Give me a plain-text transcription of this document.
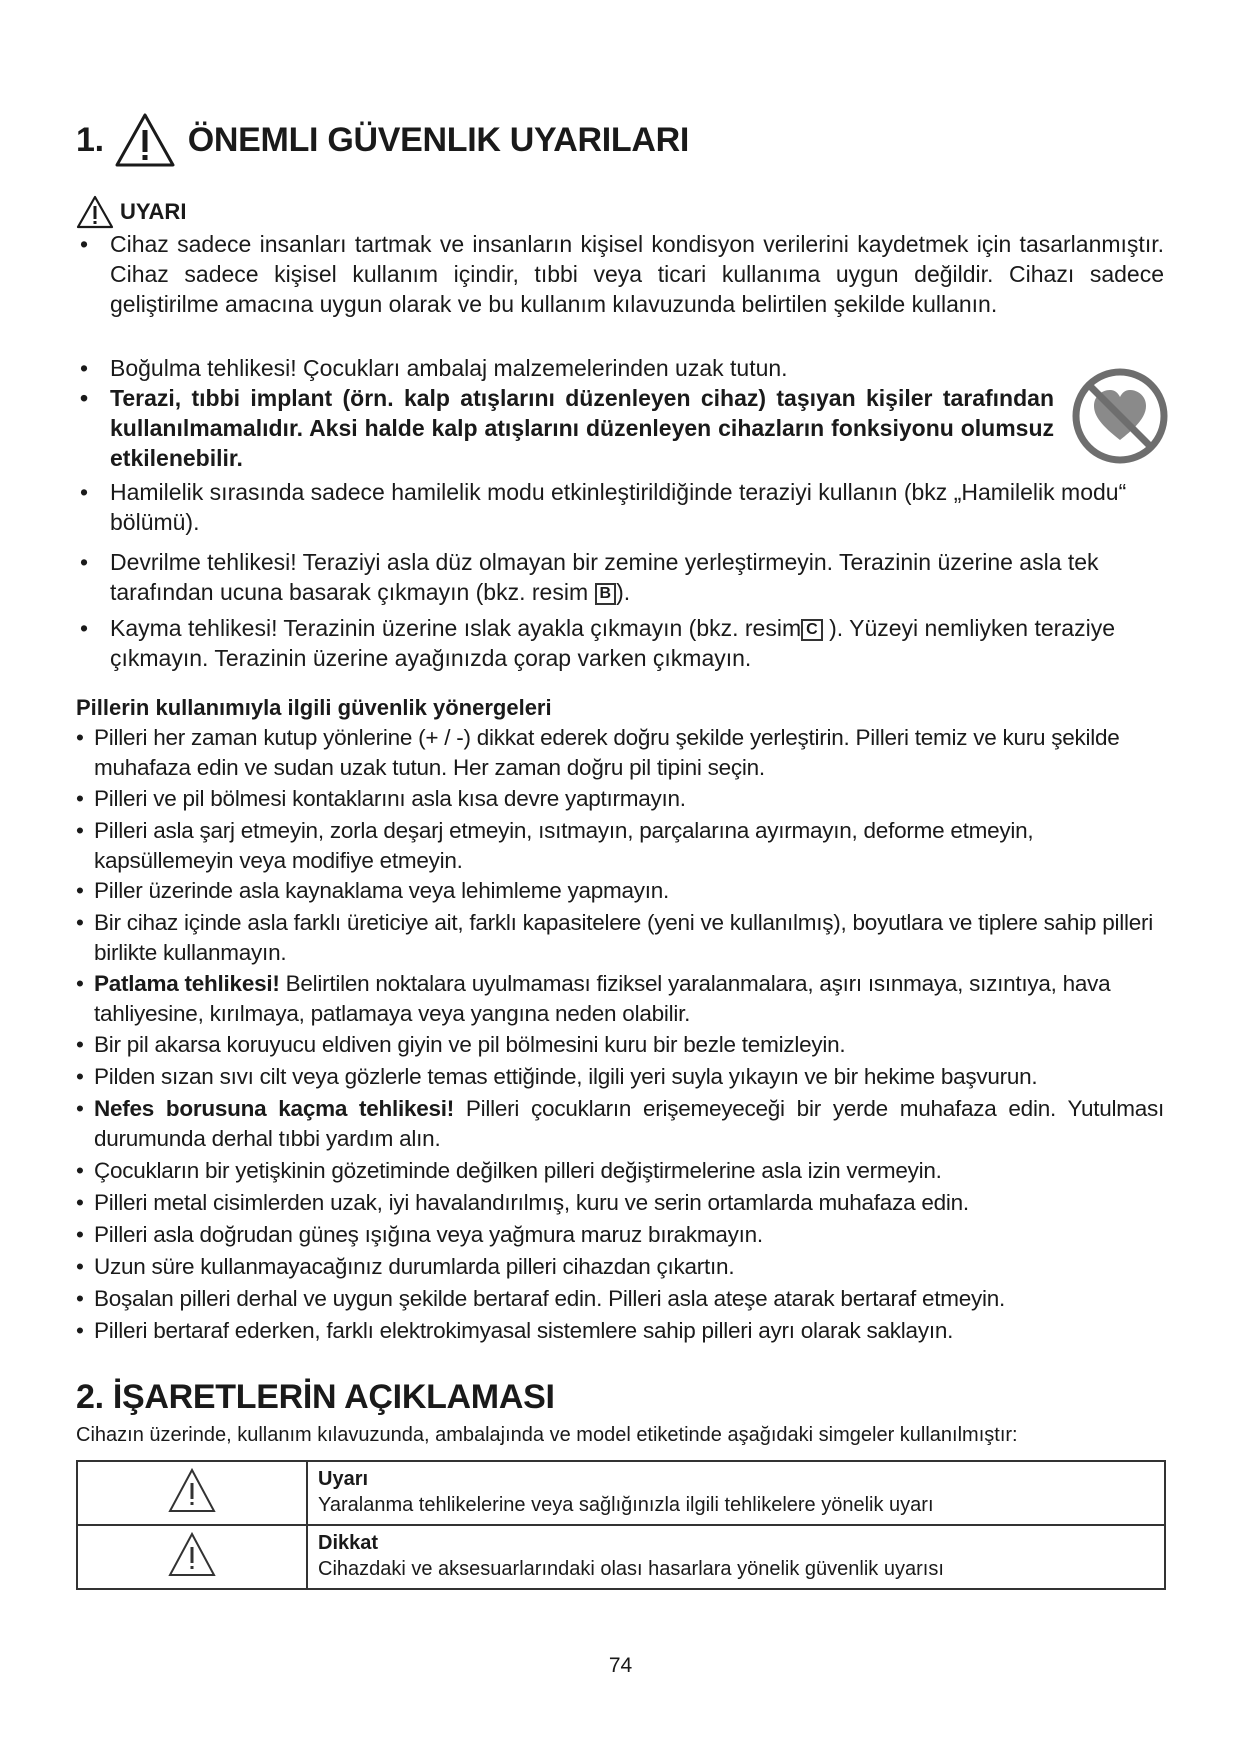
1. ÖNEMLI GÜVENLIK UYARILARI
UYARI
• Cihaz sadece insanları tartmak ve insanların kişisel kondisyon verilerini kaydetmek için tasarlanmıştır. Cihaz sadece kişisel kullanım içindir, tıbbi veya ticari kullanıma uygun değildir. Cihazı sadece geliştirilme amacına uygun olarak ve bu kullanım kılavuzunda belirtilen şekilde kullanın.
• Boğulma tehlikesi! Çocukları ambalaj malzemelerinden uzak tutun.
• Terazi, tıbbi implant (örn. kalp atışlarını düzenleyen cihaz) taşıyan kişiler tarafından kullanılmamalıdır. Aksi halde kalp atışlarını düzenleyen cihazların fonksiyonu olumsuz etkilenebilir.
• Hamilelik sırasında sadece hamilelik modu etkinleştirildiğinde teraziyi kullanın (bkz „Hamilelik modu“ bölümü).
• Devrilme tehlikesi! Teraziyi asla düz olmayan bir zemine yerleştirmeyin. Terazinin üzerine asla tek tarafından ucuna basarak çıkmayın (bkz. resim B ).
• Kayma tehlikesi! Terazinin üzerine ıslak ayakla çıkmayın (bkz. resim C ). Yüzeyi nemliyken teraziye çıkmayın. Terazinin üzerine ayağınızda çorap varken çıkmayın.
Pillerin kullanımıyla ilgili güvenlik yönergeleri
• Pilleri her zaman kutup yönlerine (+ / -) dikkat ederek doğru şekilde yerleştirin. Pilleri temiz ve kuru şekilde muhafaza edin ve sudan uzak tutun. Her zaman doğru pil tipini seçin.
• Pilleri ve pil bölmesi kontaklarını asla kısa devre yaptırmayın.
• Pilleri asla şarj etmeyin, zorla deşarj etmeyin, ısıtmayın, parçalarına ayırmayın, deforme etmeyin, kapsüllemeyin veya modifiye etmeyin.
• Piller üzerinde asla kaynaklama veya lehimleme yapmayın.
• Bir cihaz içinde asla farklı üreticiye ait, farklı kapasitelere (yeni ve kullanılmış), boyutlara ve tiplere sahip pilleri birlikte kullanmayın.
• Patlama tehlikesi! Belirtilen noktalara uyulmaması fiziksel yaralanmalara, aşırı ısınmaya, sızıntıya, hava tahliyesine, kırılmaya, patlamaya veya yangına neden olabilir.
• Bir pil akarsa koruyucu eldiven giyin ve pil bölmesini kuru bir bezle temizleyin.
• Pilden sızan sıvı cilt veya gözlerle temas ettiğinde, ilgili yeri suyla yıkayın ve bir hekime başvurun.
• Nefes borusuna kaçma tehlikesi! Pilleri çocukların erişemeyeceği bir yerde muhafaza edin. Yutulması durumunda derhal tıbbi yardım alın.
• Çocukların bir yetişkinin gözetiminde değilken pilleri değiştirmelerine asla izin vermeyin.
• Pilleri metal cisimlerden uzak, iyi havalandırılmış, kuru ve serin ortamlarda muhafaza edin.
• Pilleri asla doğrudan güneş ışığına veya yağmura maruz bırakmayın.
• Uzun süre kullanmayacağınız durumlarda pilleri cihazdan çıkartın.
• Boşalan pilleri derhal ve uygun şekilde bertaraf edin. Pilleri asla ateşe atarak bertaraf etmeyin.
• Pilleri bertaraf ederken, farklı elektrokimyasal sistemlere sahip pilleri ayrı olarak saklayın.
2. İŞARETLERİN AÇIKLAMASI
Cihazın üzerinde, kullanım kılavuzunda, ambalajında ve model etiketinde aşağıdaki simgeler kullanılmıştır:

Uyarı
Yaralanma tehlikelerine veya sağlığınızla ilgili tehlikelere yönelik uyarı

Dikkat
Cihazdaki ve aksesuarlarındaki olası hasarlara yönelik güvenlik uyarısı
74
